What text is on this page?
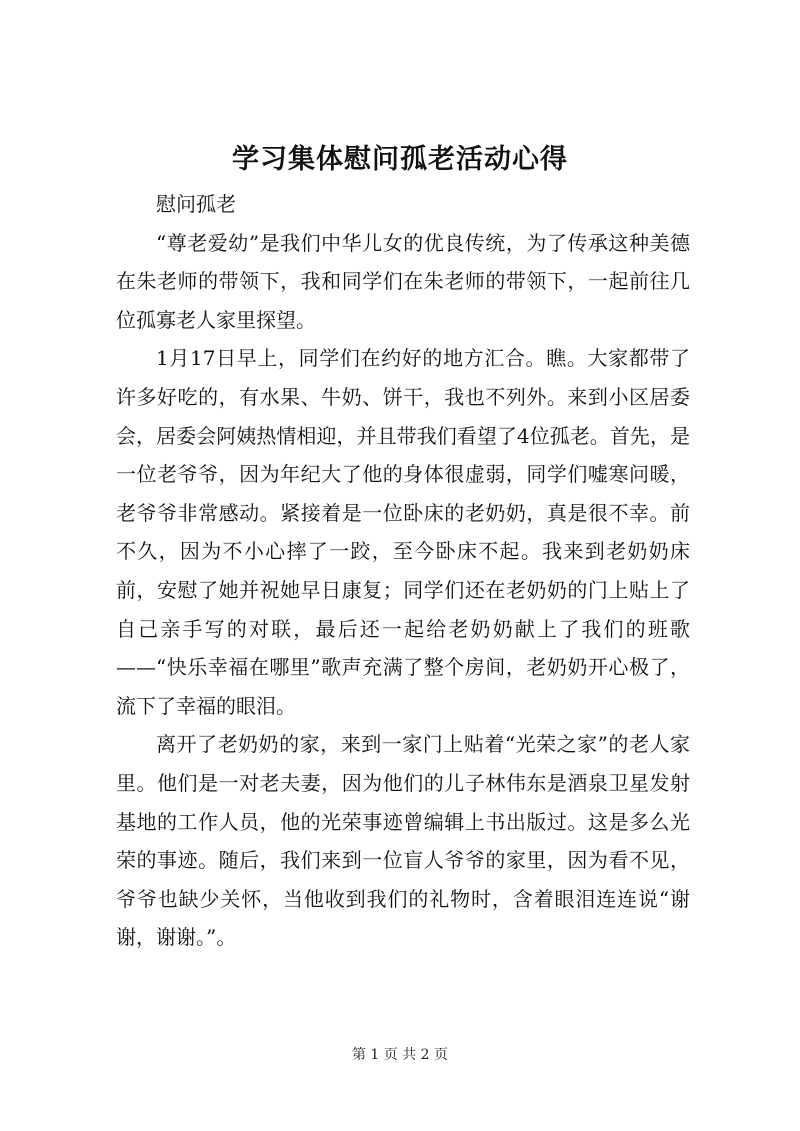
学习集体慰问孤老活动心得

慰问孤老

“尊老爱幼”是我们中华儿女的优良传统，为了传承这种美德在朱老师的带领下，我和同学们在朱老师的带领下，一起前往几位孤寡老人家里探望。

1月17日早上，同学们在约好的地方汇合。瞧。大家都带了许多好吃的，有水果、牛奶、饼干，我也不列外。来到小区居委会，居委会阿姨热情相迎，并且带我们看望了4位孤老。首先，是一位老爷爷，因为年纪大了他的身体很虚弱，同学们嘘寒问暖，老爷爷非常感动。紧接着是一位卧床的老奶奶，真是很不幸。前不久，因为不小心摔了一跤，至今卧床不起。我来到老奶奶床前，安慰了她并祝她早日康复；同学们还在老奶奶的门上贴上了自己亲手写的对联，最后还一起给老奶奶献上了我们的班歌——“快乐幸福在哪里”歌声充满了整个房间，老奶奶开心极了，流下了幸福的眼泪。

离开了老奶奶的家，来到一家门上贴着“光荣之家”的老人家里。他们是一对老夫妻，因为他们的儿子林伟东是酒泉卫星发射基地的工作人员，他的光荣事迹曾编辑上书出版过。这是多么光荣的事迹。随后，我们来到一位盲人爷爷的家里，因为看不见，爷爷也缺少关怀，当他收到我们的礼物时，含着眼泪连连说“谢谢，谢谢。”。

第 1 页 共 2 页
